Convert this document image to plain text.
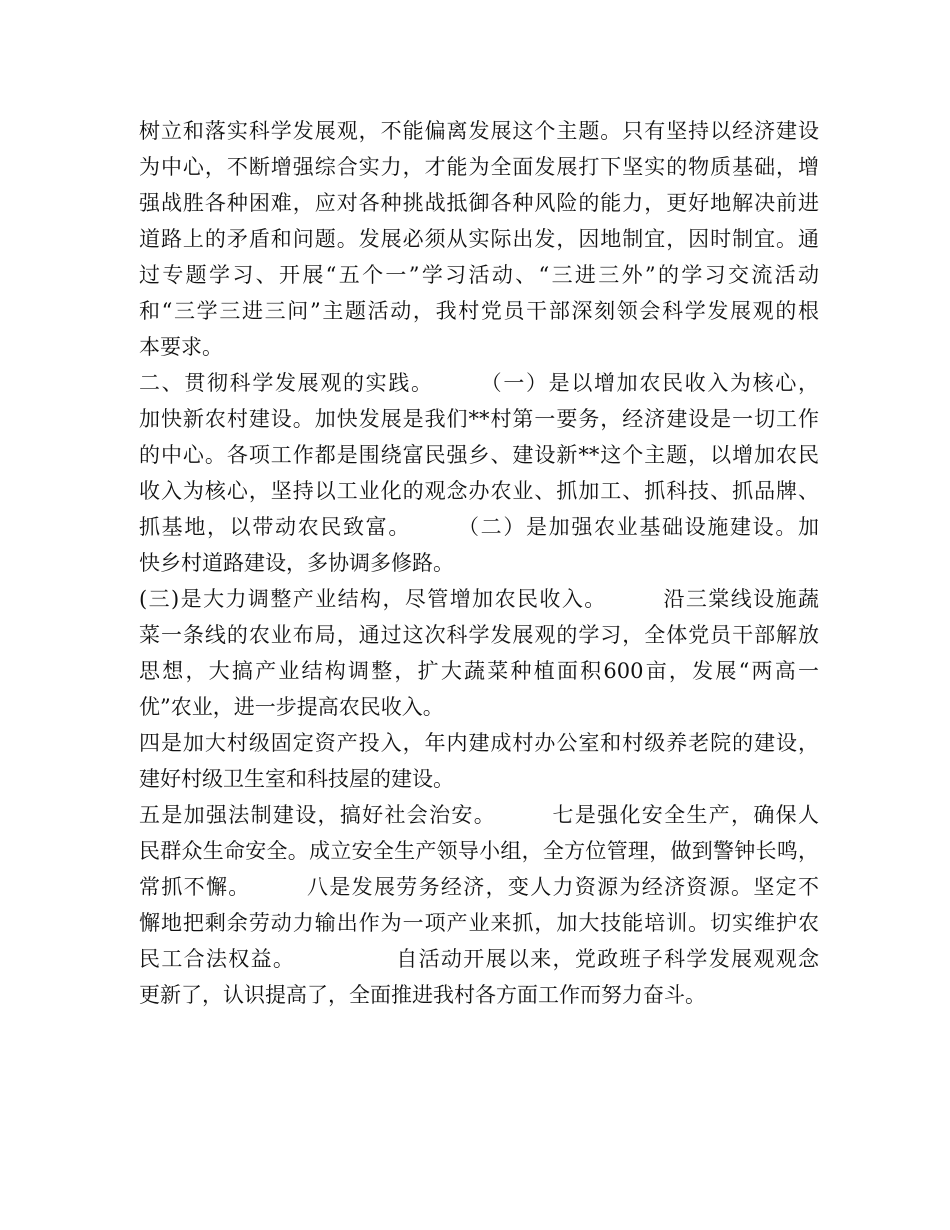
树立和落实科学发展观，不能偏离发展这个主题。只有坚持以经济建设
为中心，不断增强综合实力，才能为全面发展打下坚实的物质基础，增
强战胜各种困难，应对各种挑战抵御各种风险的能力，更好地解决前进
道路上的矛盾和问题。发展必须从实际出发，因地制宜，因时制宜。通
过专题学习、开展“五个一”学习活动、“三进三外”的学习交流活动
和“三学三进三问”主题活动，我村党员干部深刻领会科学发展观的根
本要求。
二、贯彻科学发展观的实践。　　　（一）是以增加农民收入为核心，
加快新农村建设。加快发展是我们**村第一要务，经济建设是一切工作
的中心。各项工作都是围绕富民强乡、建设新**这个主题，以增加农民
收入为核心，坚持以工业化的观念办农业、抓加工、抓科技、抓品牌、
抓基地，以带动农民致富。　　　（二）是加强农业基础设施建设。加
快乡村道路建设，多协调多修路。
(三)是大力调整产业结构，尽管增加农民收入。　　　沿三棠线设施蔬
菜一条线的农业布局，通过这次科学发展观的学习，全体党员干部解放
思想，大搞产业结构调整，扩大蔬菜种植面积600亩，发展“两高一
优”农业，进一步提高农民收入。
四是加大村级固定资产投入，年内建成村办公室和村级养老院的建设，
建好村级卫生室和科技屋的建设。
五是加强法制建设，搞好社会治安。　　　七是强化安全生产，确保人
民群众生命安全。成立安全生产领导小组，全方位管理，做到警钟长鸣，
常抓不懈。　　　八是发展劳务经济，变人力资源为经济资源。坚定不
懈地把剩余劳动力输出作为一项产业来抓，加大技能培训。切实维护农
民工合法权益。　　　　　自活动开展以来，党政班子科学发展观观念
更新了，认识提高了，全面推进我村各方面工作而努力奋斗。
